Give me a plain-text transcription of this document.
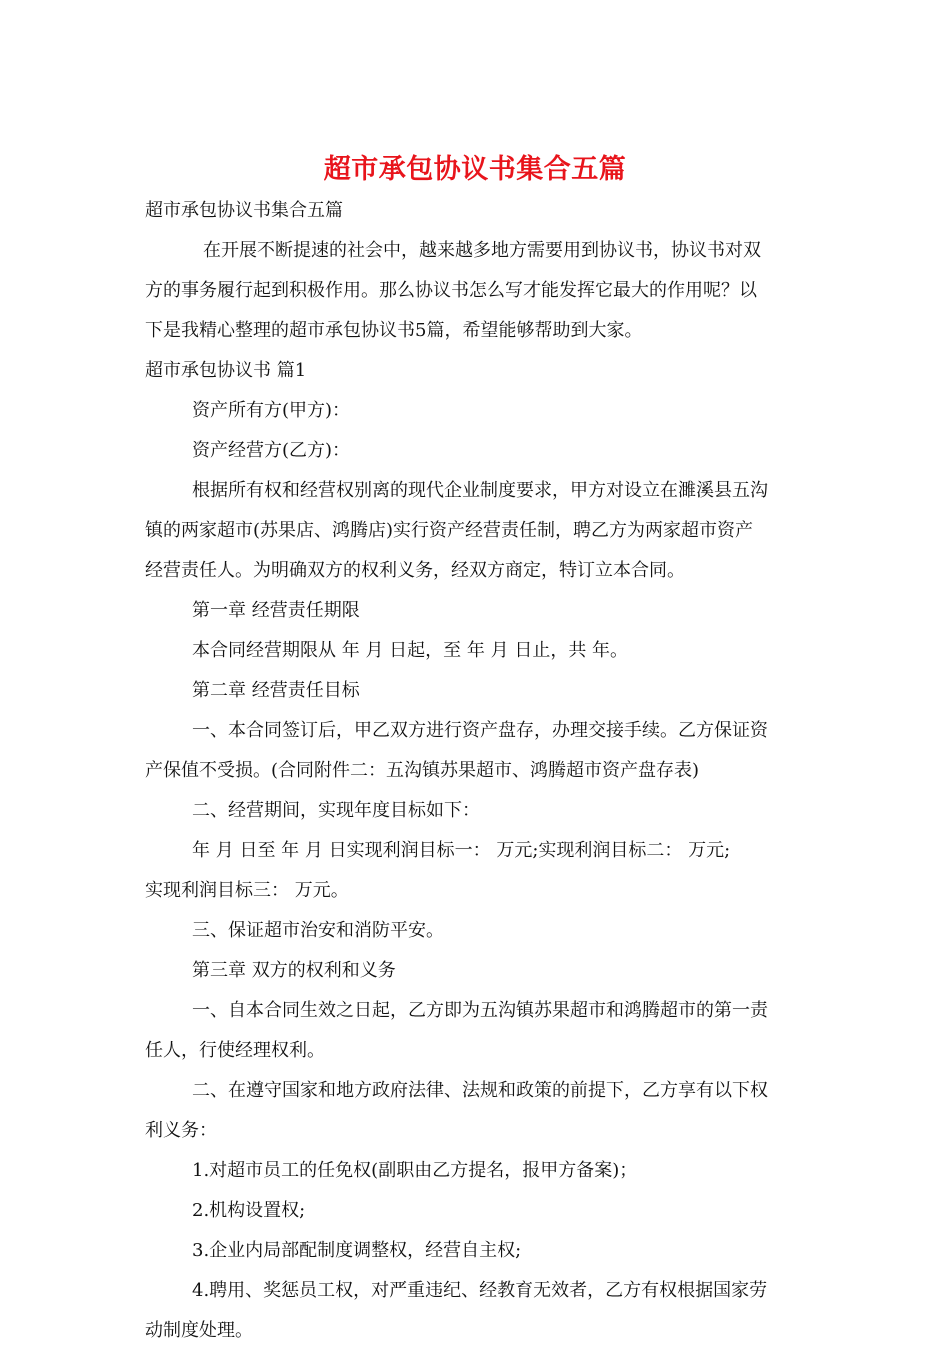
超市承包协议书集合五篇

超市承包协议书集合五篇

在开展不断提速的社会中，越来越多地方需要用到协议书，协议书对双

方的事务履行起到积极作用。那么协议书怎么写才能发挥它最大的作用呢？以

下是我精心整理的超市承包协议书5篇，希望能够帮助到大家。

超市承包协议书 篇1

资产所有方(甲方)：

资产经营方(乙方)：

根据所有权和经营权别离的现代企业制度要求，甲方对设立在濉溪县五沟

镇的两家超市(苏果店、鸿腾店)实行资产经营责任制，聘乙方为两家超市资产

经营责任人。为明确双方的权利义务，经双方商定，特订立本合同。

第一章 经营责任期限

本合同经营期限从 年 月 日起，至 年 月 日止，共 年。

第二章 经营责任目标

一、本合同签订后，甲乙双方进行资产盘存，办理交接手续。乙方保证资

产保值不受损。(合同附件二：五沟镇苏果超市、鸿腾超市资产盘存表)

二、经营期间，实现年度目标如下：

年 月 日至 年 月 日实现利润目标一： 万元;实现利润目标二： 万元;

实现利润目标三： 万元。

三、保证超市治安和消防平安。

第三章 双方的权利和义务

一、自本合同生效之日起，乙方即为五沟镇苏果超市和鸿腾超市的第一责

任人，行使经理权利。

二、在遵守国家和地方政府法律、法规和政策的前提下，乙方享有以下权

利义务：

1.对超市员工的任免权(副职由乙方提名，报甲方备案)；

2.机构设置权;

3.企业内局部配制度调整权，经营自主权;

4.聘用、奖惩员工权，对严重违纪、经教育无效者，乙方有权根据国家劳

动制度处理。
